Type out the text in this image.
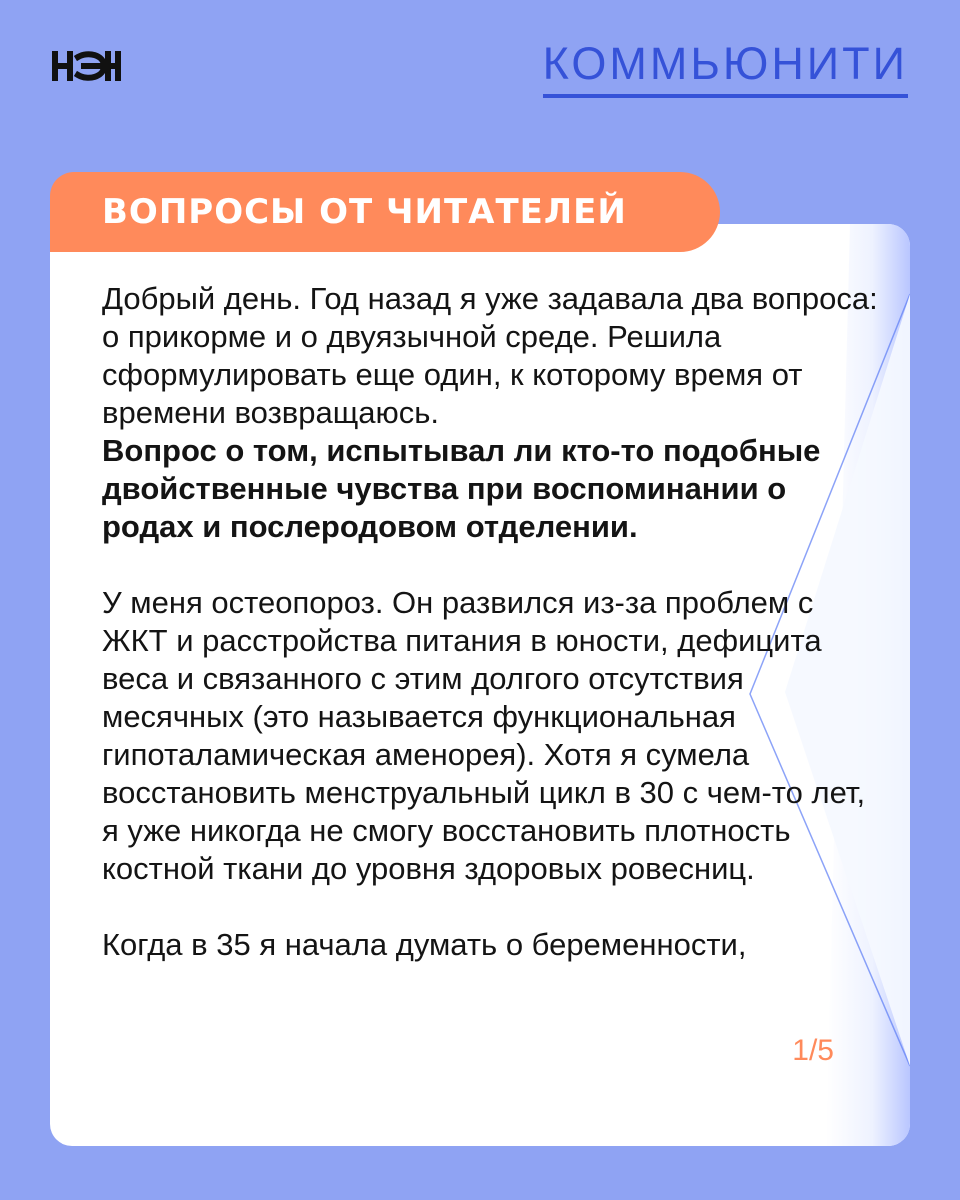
КОММЬЮНИТИ

Добрый день. Год назад я уже задавала два вопроса: о прикорме и о двуязычной среде. Решила сформулировать еще один, к которому время от времени возвращаюсь.

Вопрос о том, испытывал ли кто-то подобные двойственные чувства при воспоминании о родах и послеродовом отделении.

У меня остеопороз. Он развился из-за проблем с ЖКТ и расстройства питания в юности, дефицита веса и связанного с этим долгого отсутствия месячных (это называется функциональная гипоталамическая аменорея). Хотя я сумела восстановить менструальный цикл в 30 с чем-то лет, я уже никогда не смогу восстановить плотность костной ткани до уровня здоровых ровесниц.

Когда в 35 я начала думать о беременности,

1/5
ВОПРОСЫ ОТ ЧИТАТЕЛЕЙ
